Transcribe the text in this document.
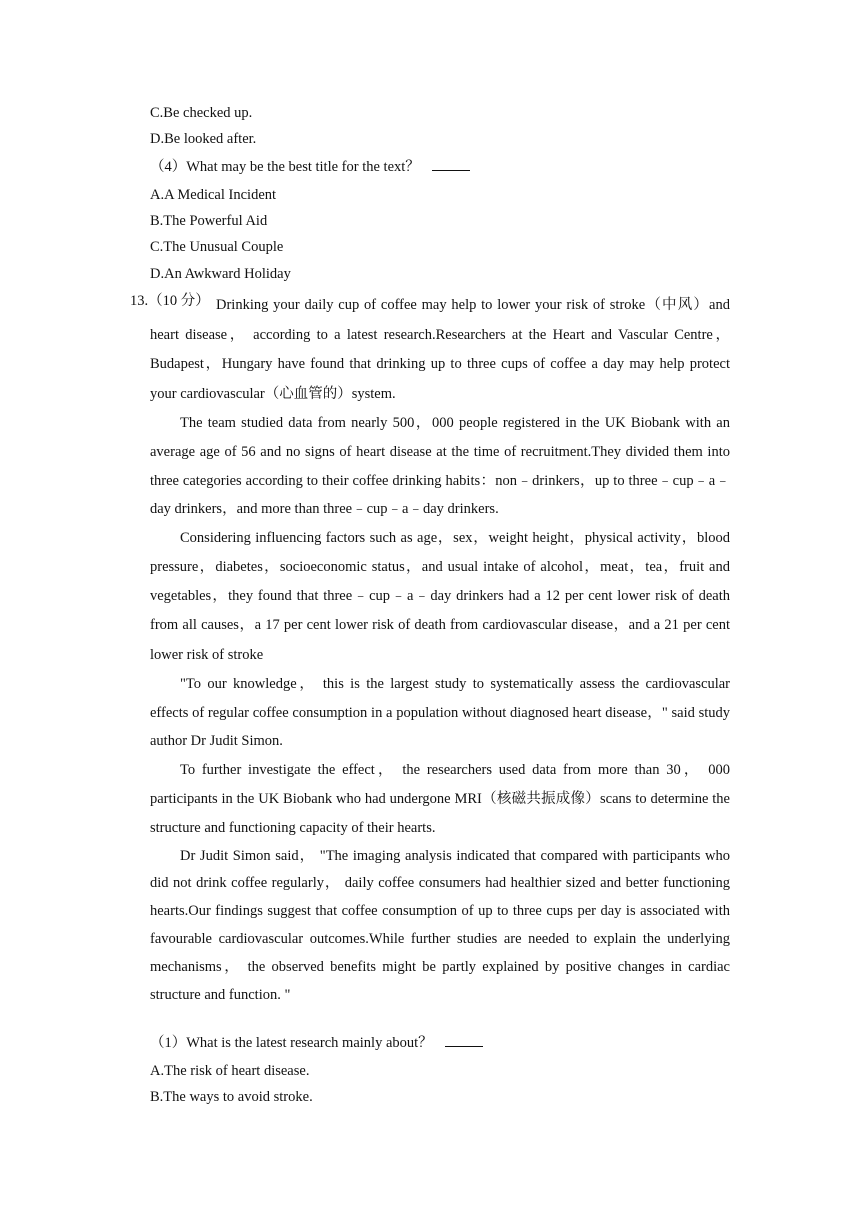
C.Be checked up.
D.Be looked after.
（4）What may be the best title for the text？
A.A Medical Incident
B.The Powerful Aid
C.The Unusual Couple
D.An Awkward Holiday
13.（10 分） Drinking your daily cup of coffee may help to lower your risk of stroke（中风）and heart disease， according to a latest research.Researchers at the Heart and Vascular Centre，Budapest，Hungary have found that drinking up to three cups of coffee a day may help protect your cardiovascular（心血管的）system.

The team studied data from nearly 500，000 people registered in the UK Biobank with an average age of 56 and no signs of heart disease at the time of recruitment.They divided them into three categories according to their coffee drinking habits：non﹣drinkers，up to three﹣cup﹣a﹣day drinkers，and more than three﹣cup﹣a﹣day drinkers.

Considering influencing factors such as age，sex，weight height，physical activity，blood pressure，diabetes，socioeconomic status，and usual intake of alcohol，meat，tea，fruit and vegetables，they found that three﹣cup﹣a﹣day drinkers had a 12 per cent lower risk of death from all causes，a 17 per cent lower risk of death from cardiovascular disease，and a 21 per cent lower risk of stroke

"To our knowledge， this is the largest study to systematically assess the cardiovascular effects of regular coffee consumption in a population without diagnosed heart disease，" said study author Dr Judit Simon.

To further investigate the effect， the researchers used data from more than 30， 000 participants in the UK Biobank who had undergone MRI（核磁共振成像）scans to determine the structure and functioning capacity of their hearts.

Dr Judit Simon said， "The imaging analysis indicated that compared with participants who did not drink coffee regularly， daily coffee consumers had healthier sized and better functioning hearts.Our findings suggest that coffee consumption of up to three cups per day is associated with favourable cardiovascular outcomes.While further studies are needed to explain the underlying mechanisms， the observed benefits might be partly explained by positive changes in cardiac structure and function. "

（1）What is the latest research mainly about？
A.The risk of heart disease.
B.The ways to avoid stroke.
